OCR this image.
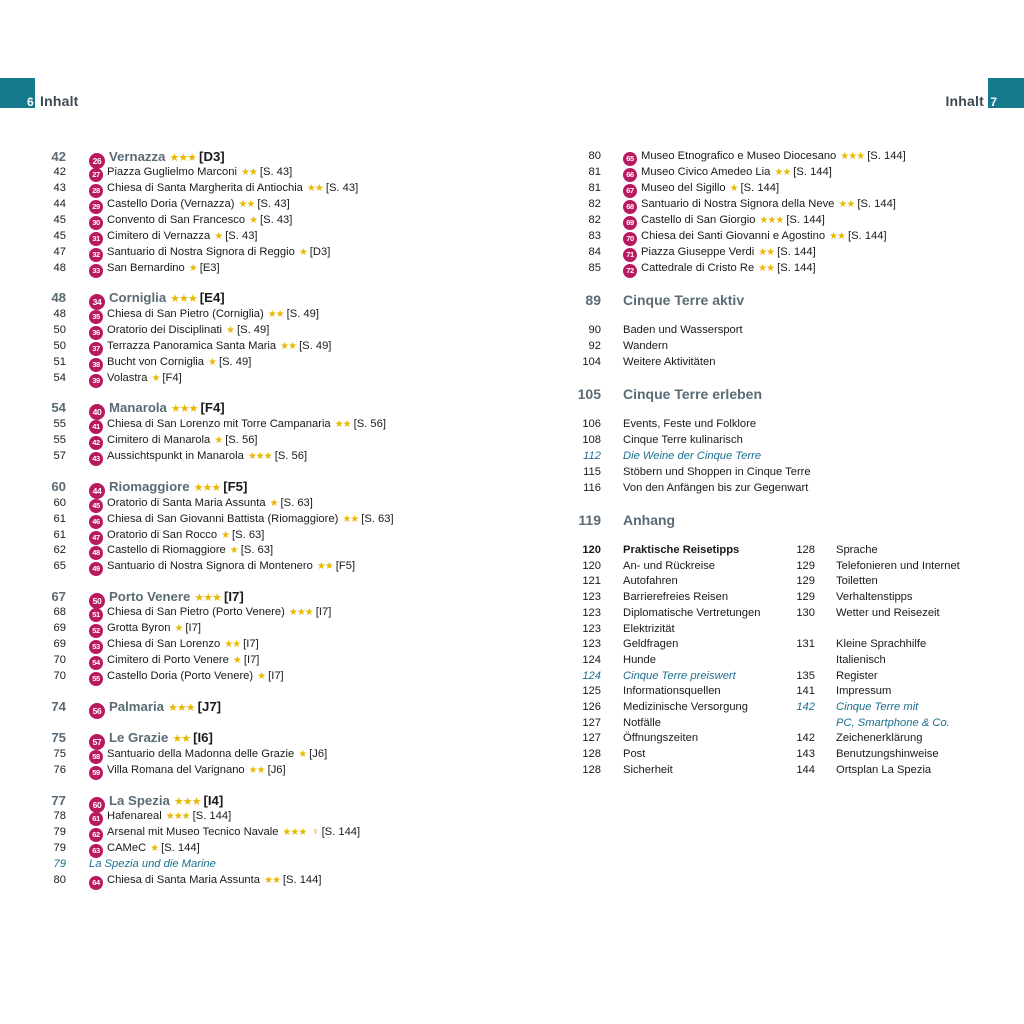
6 Inhalt
42	26 Vernazza ★★★ [D3]
42	27 Piazza Guglielmo Marconi ★★ [S. 43]
43	28 Chiesa di Santa Margherita di Antiochia ★★ [S. 43]
44	29 Castello Doria (Vernazza) ★★ [S. 43]
45	30 Convento di San Francesco ★ [S. 43]
45	31 Cimitero di Vernazza ★ [S. 43]
47	32 Santuario di Nostra Signora di Reggio ★ [D3]
48	33 San Bernardino ★ [E3]
48	34 Corniglia ★★★ [E4]
48	35 Chiesa di San Pietro (Corniglia) ★★ [S. 49]
50	36 Oratorio dei Disciplinati ★ [S. 49]
50	37 Terrazza Panoramica Santa Maria ★★ [S. 49]
51	38 Bucht von Corniglia ★ [S. 49]
54	39 Volastra ★ [F4]
54	40 Manarola ★★★ [F4]
55	41 Chiesa di San Lorenzo mit Torre Campanaria ★★ [S. 56]
55	42 Cimitero di Manarola ★ [S. 56]
57	43 Aussichtspunkt in Manarola ★★★ [S. 56]
60	44 Riomaggiore ★★★ [F5]
60	45 Oratorio di Santa Maria Assunta ★ [S. 63]
61	46 Chiesa di San Giovanni Battista (Riomaggiore) ★★ [S. 63]
61	47 Oratorio di San Rocco ★ [S. 63]
62	48 Castello di Riomaggiore ★ [S. 63]
65	49 Santuario di Nostra Signora di Montenero ★★ [F5]
67	50 Porto Venere ★★★ [I7]
68	51 Chiesa di San Pietro (Porto Venere) ★★★ [I7]
69	52 Grotta Byron ★ [I7]
69	53 Chiesa di San Lorenzo ★★ [I7]
70	54 Cimitero di Porto Venere ★ [I7]
70	55 Castello Doria (Porto Venere) ★ [I7]
74	56 Palmaria ★★★ [J7]
75	57 Le Grazie ★★ [I6]
75	58 Santuario della Madonna delle Grazie ★ [J6]
76	59 Villa Romana del Varignano ★★ [J6]
77	60 La Spezia ★★★ [I4]
78	61 Hafenareal ★★★ [S. 144]
79	62 Arsenal mit Museo Tecnico Navale ★★★ ♀ [S. 144]
79	63 CAMeC ★ [S. 144]
79 La Spezia und die Marine
80	64 Chiesa di Santa Maria Assunta ★★ [S. 144]
7
Inhalt
80	65 Museo Etnografico e Museo Diocesano ★★★ [S. 144]
81	66 Museo Civico Amedeo Lia ★★ [S. 144]
81	67 Museo del Sigillo ★ [S. 144]
82	68 Santuario di Nostra Signora della Neve ★★ [S. 144]
82	69 Castello di San Giorgio ★★★ [S. 144]
83	70 Chiesa dei Santi Giovanni e Agostino ★★ [S. 144]
84	71 Piazza Giuseppe Verdi ★★ [S. 144]
85	72 Cattedrale di Cristo Re ★★ [S. 144]
89 Cinque Terre aktiv
90 Baden und Wassersport
92 Wandern
104 Weitere Aktivitäten
105 Cinque Terre erleben
106 Events, Feste und Folklore
108 Cinque Terre kulinarisch
112 Die Weine der Cinque Terre
115 Stöbern und Shoppen in Cinque Terre
116 Von den Anfängen bis zur Gegenwart
119 Anhang
120 Praktische Reisetipps
120 An- und Rückreise
121 Autofahren
123 Barrierefreies Reisen
123 Diplomatische Vertretungen
123 Elektrizität
123 Geldfragen
124 Hunde
124 Cinque Terre preiswert
125 Informationsquellen
126 Medizinische Versorgung
127 Notfälle
127 Öffnungszeiten
128 Post
128 Sicherheit
128 Sprache
129 Telefonieren und Internet
129 Toiletten
129 Verhaltenstipps
130 Wetter und Reisezeit
131 Kleine Sprachhilfe
Italienisch
135 Register
141 Impressum
142 Cinque Terre mit
PC, Smartphone & Co.
142 Zeichenerklärung
143 Benutzungshinweise
144 Ortsplan La Spezia
